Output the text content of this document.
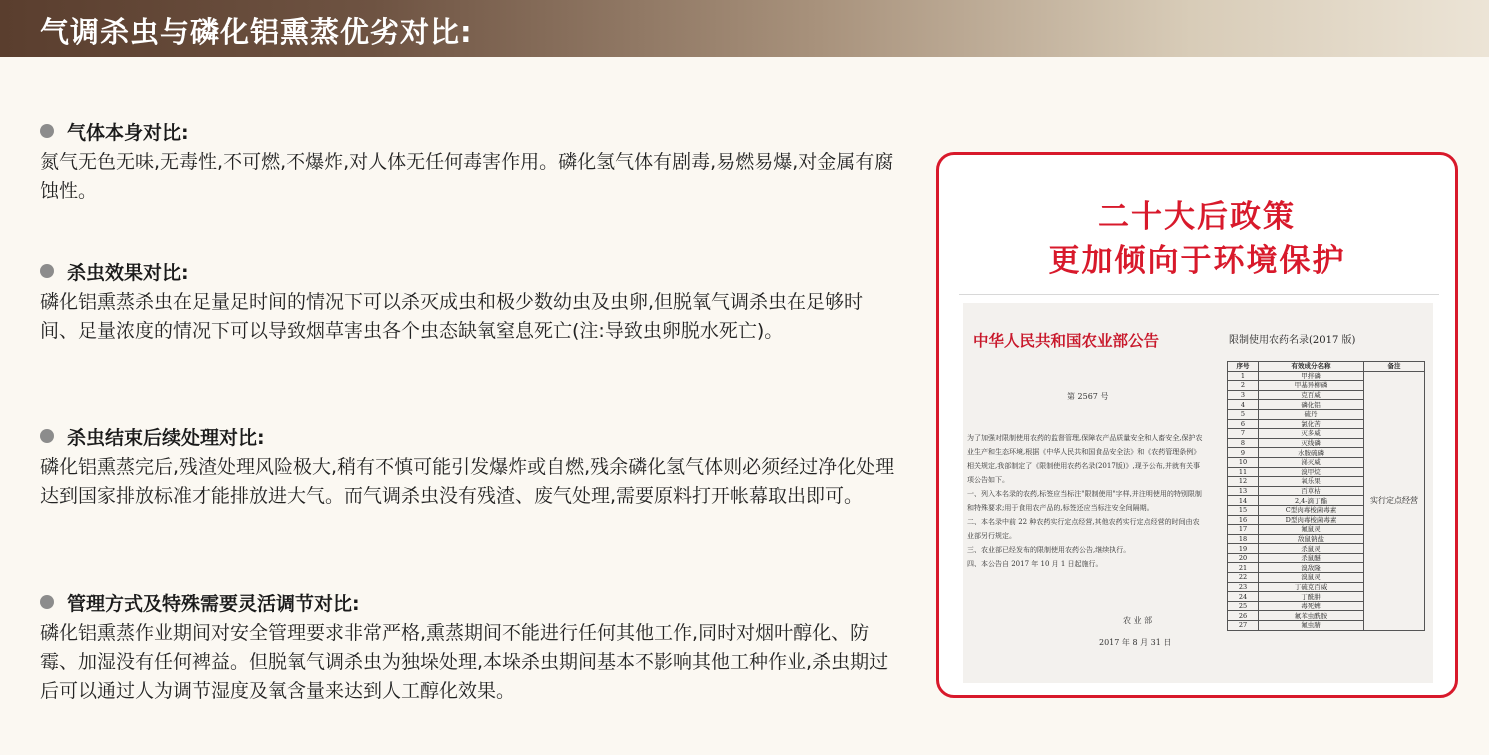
气调杀虫与磷化铝熏蒸优劣对比:
气体本身对比:
氮气无色无味,无毒性,不可燃,不爆炸,对人体无任何毒害作用。磷化氢气体有剧毒,易燃易爆,对金属有腐蚀性。
杀虫效果对比:
磷化铝熏蒸杀虫在足量足时间的情况下可以杀灭成虫和极少数幼虫及虫卵,但脱氧气调杀虫在足够时间、足量浓度的情况下可以导致烟草害虫各个虫态缺氧窒息死亡(注:导致虫卵脱水死亡)。
杀虫结束后续处理对比:
磷化铝熏蒸完后,残渣处理风险极大,稍有不慎可能引发爆炸或自燃,残余磷化氢气体则必须经过净化处理达到国家排放标准才能排放进大气。而气调杀虫没有残渣、废气处理,需要原料打开帐幕取出即可。
管理方式及特殊需要灵活调节对比:
磷化铝熏蒸作业期间对安全管理要求非常严格,熏蒸期间不能进行任何其他工作,同时对烟叶醇化、防霉、加湿没有任何裨益。但脱氧气调杀虫为独垛处理,本垛杀虫期间基本不影响其他工种作业,杀虫期过后可以通过人为调节湿度及氧含量来达到人工醇化效果。
二十大后政策
更加倾向于环境保护
中华人民共和国农业部公告
第 2567 号

为了加强对限制使用农药的监督管理,保障农产品质量安全和人畜安全,保护农业生产和生态环境,根据《中华人民共和国食品安全法》和《农药管理条例》相关规定,我部制定了《限制使用农药名录(2017版)》,现予公布,并就有关事项公告如下。

一、列入本名录的农药,标签应当标注"限制使用"字样,并注明使用的特别限制和特殊要求;用于食用农产品的,标签还应当标注安全间隔期。

二、本名录中前 22 种农药实行定点经营,其他农药实行定点经营的时间由农业部另行规定。

三、农业部已经发布的限制使用农药公告,继续执行。

四、本公告自 2017 年 10 月 1 日起施行。

农 业 部
2017 年 8 月 31 日
限制使用农药名录(2017 版)
序号	有效成分名称	备注
1	甲拌磷	实行定点经营
2	甲基异柳磷	
3	克百威	
4	磷化铝	
5	硫丹	
6	氯化苦	
7	灭多威	
8	灭线磷	
9	水胺硫磷	
10	涕灭威	
11	溴甲烷	
12	氧乐果	
13	百草枯	
14	2,4-滴丁酯	
15	C型肉毒梭菌毒素	
16	D型肉毒梭菌毒素	
17	氟鼠灵	
18	敌鼠钠盐	
19	杀鼠灵	
20	杀鼠醚	
21	溴敌隆	
22	溴鼠灵	
23	丁硫克百威	
24	丁酰肼	
25	毒死蜱	
26	氟苯虫酰胺	
27	氟虫腈	
